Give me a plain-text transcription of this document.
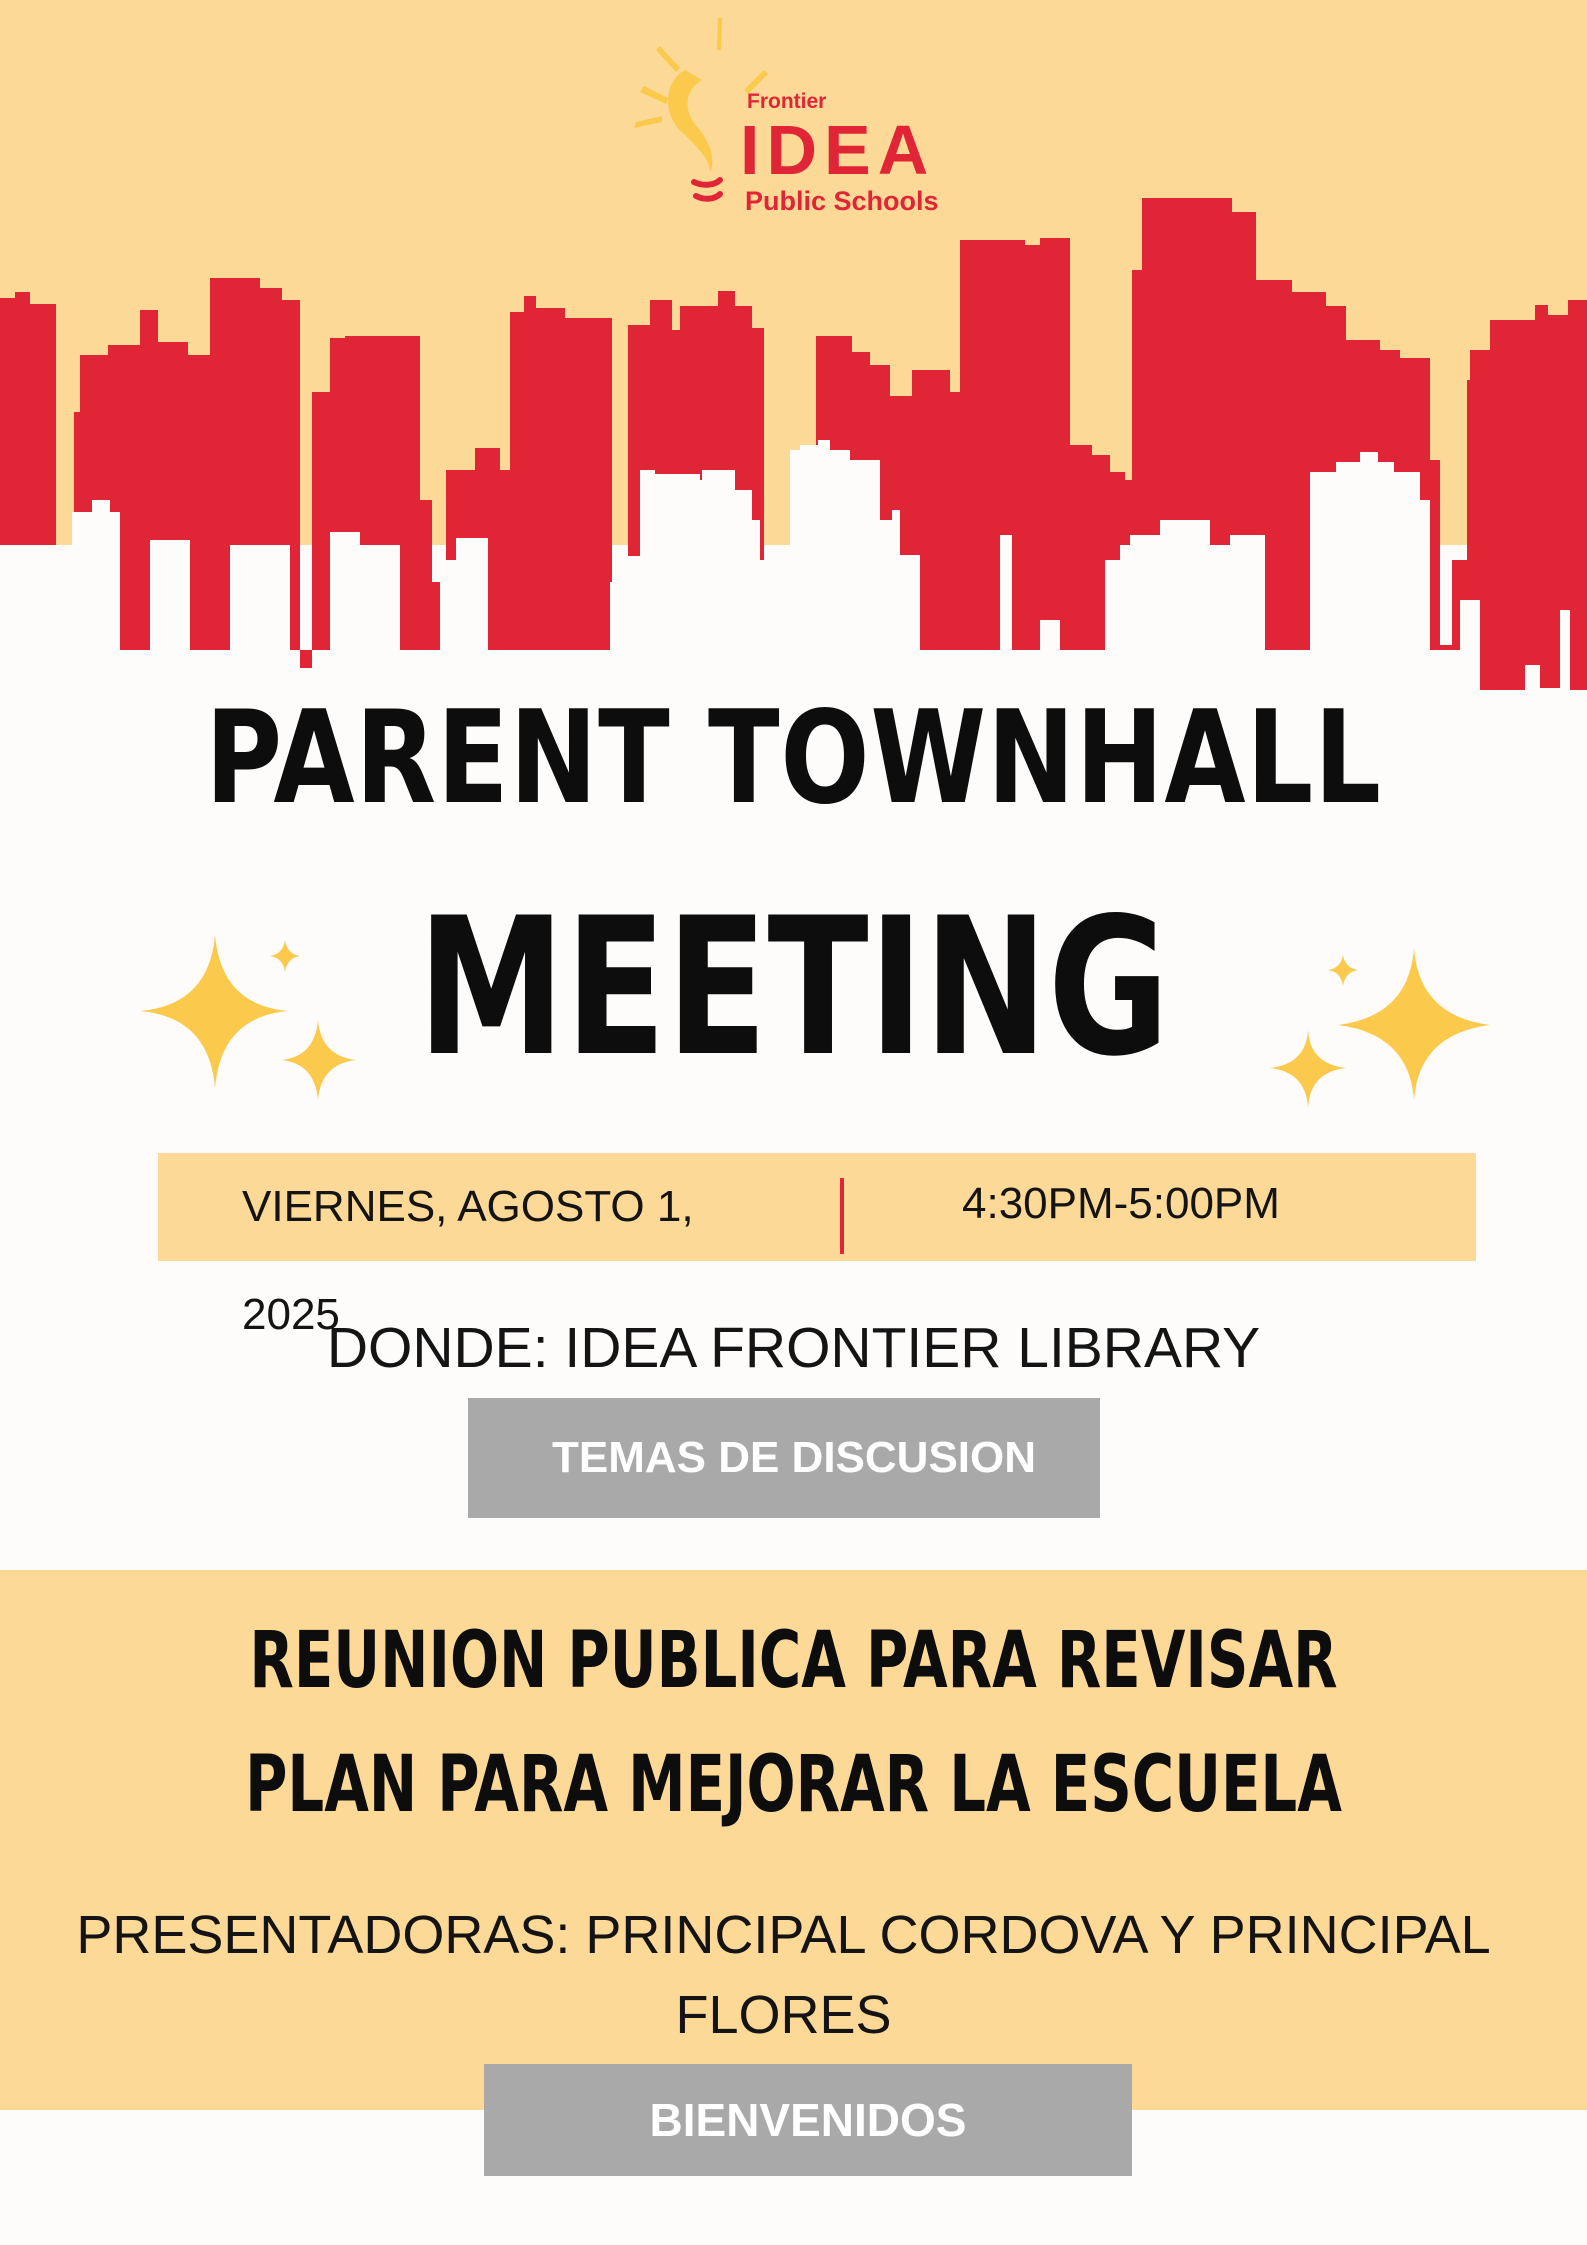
Frontier
IDEA
Public Schools
PARENT TOWNHALL
MEETING
VIERNES, AGOSTO 1, 2025
4:30PM-5:00PM
DONDE: IDEA FRONTIER LIBRARY
TEMAS DE DISCUSION
REUNION PUBLICA PARA REVISAR
PLAN PARA MEJORAR LA ESCUELA
PRESENTADORAS: PRINCIPAL CORDOVA Y PRINCIPAL FLORES
BIENVENIDOS
